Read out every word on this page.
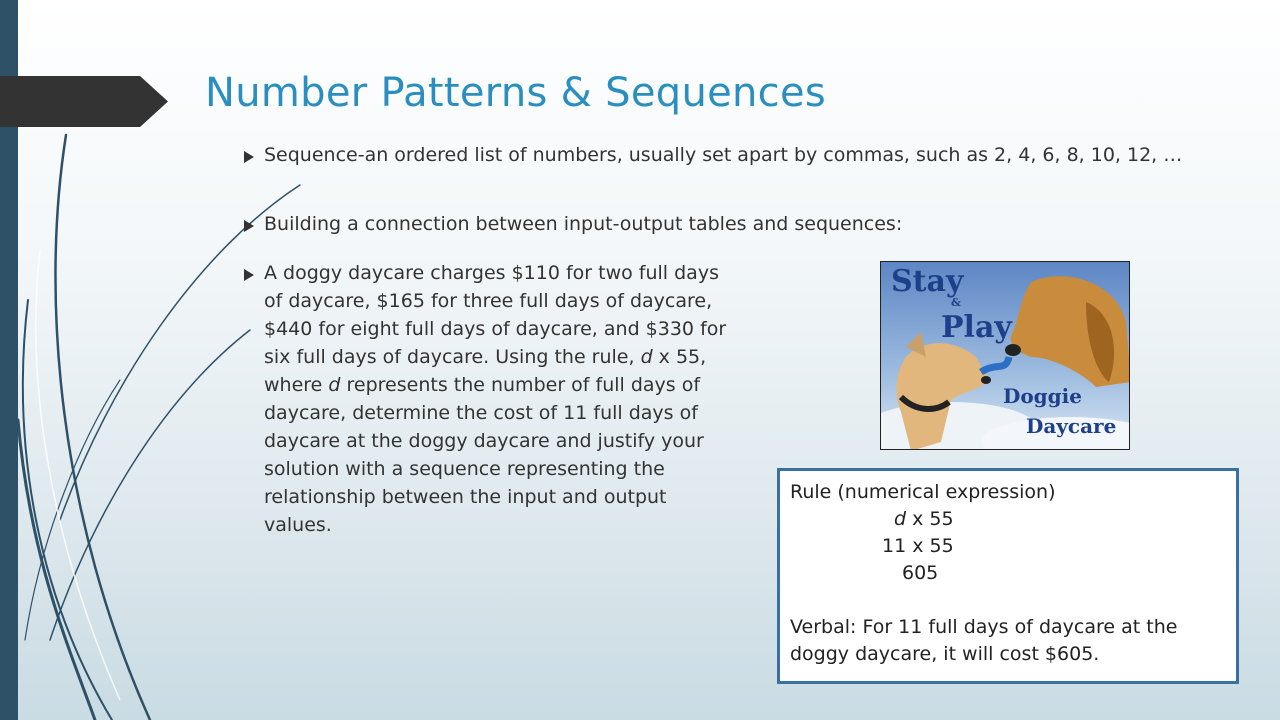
Number Patterns & Sequences
Sequence-an ordered list of numbers, usually set apart by commas, such as 2, 4, 6, 8, 10, 12, …
Building a connection between input-output tables and sequences:
A doggy daycare charges $110 for two full days of daycare, $165 for three full days of daycare, $440 for eight full days of daycare, and $330 for six full days of daycare. Using the rule, d x 55, where d represents the number of full days of daycare, determine the cost of 11 full days of daycare at the doggy daycare and justify your solution with a sequence representing the relationship between the input and output values.
Stay
&
Play
Doggie
Daycare
Rule (numerical expression)
d x 55
11 x 55
605
Verbal: For 11 full days of daycare at the doggy daycare, it will cost $605.
